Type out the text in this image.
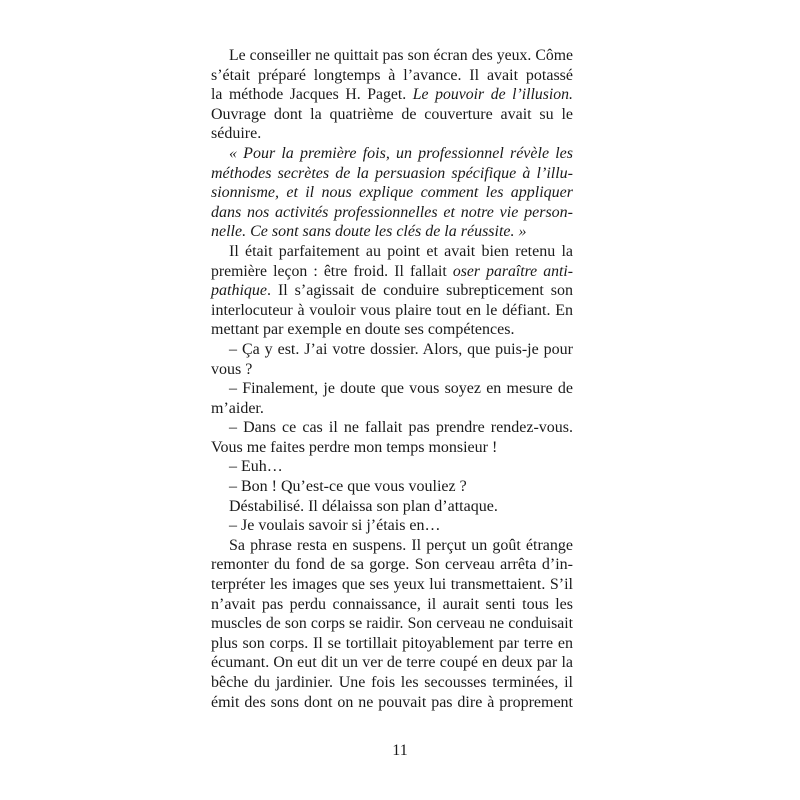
Le conseiller ne quittait pas son écran des yeux. Côme
s’était préparé longtemps à l’avance. Il avait potassé
la méthode Jacques H. Paget. Le pouvoir de l’illusion.
Ouvrage dont la quatrième de couverture avait su le
séduire.
« Pour la première fois, un professionnel révèle les
méthodes secrètes de la persuasion spécifique à l’illu-
sionnisme, et il nous explique comment les appliquer
dans nos activités professionnelles et notre vie person-
nelle. Ce sont sans doute les clés de la réussite. »
Il était parfaitement au point et avait bien retenu la
première leçon : être froid. Il fallait oser paraître anti-
pathique. Il s’agissait de conduire subrepticement son
interlocuteur à vouloir vous plaire tout en le défiant. En
mettant par exemple en doute ses compétences.
– Ça y est. J’ai votre dossier. Alors, que puis-je pour
vous ?
– Finalement, je doute que vous soyez en mesure de
m’aider.
– Dans ce cas il ne fallait pas prendre rendez-vous.
Vous me faites perdre mon temps monsieur !
– Euh…
– Bon ! Qu’est-ce que vous vouliez ?
Déstabilisé. Il délaissa son plan d’attaque.
– Je voulais savoir si j’étais en…
Sa phrase resta en suspens. Il perçut un goût étrange
remonter du fond de sa gorge. Son cerveau arrêta d’in-
terpréter les images que ses yeux lui transmettaient. S’il
n’avait pas perdu connaissance, il aurait senti tous les
muscles de son corps se raidir. Son cerveau ne conduisait
plus son corps. Il se tortillait pitoyablement par terre en
écumant. On eut dit un ver de terre coupé en deux par la
bêche du jardinier. Une fois les secousses terminées, il
émit des sons dont on ne pouvait pas dire à proprement
11
